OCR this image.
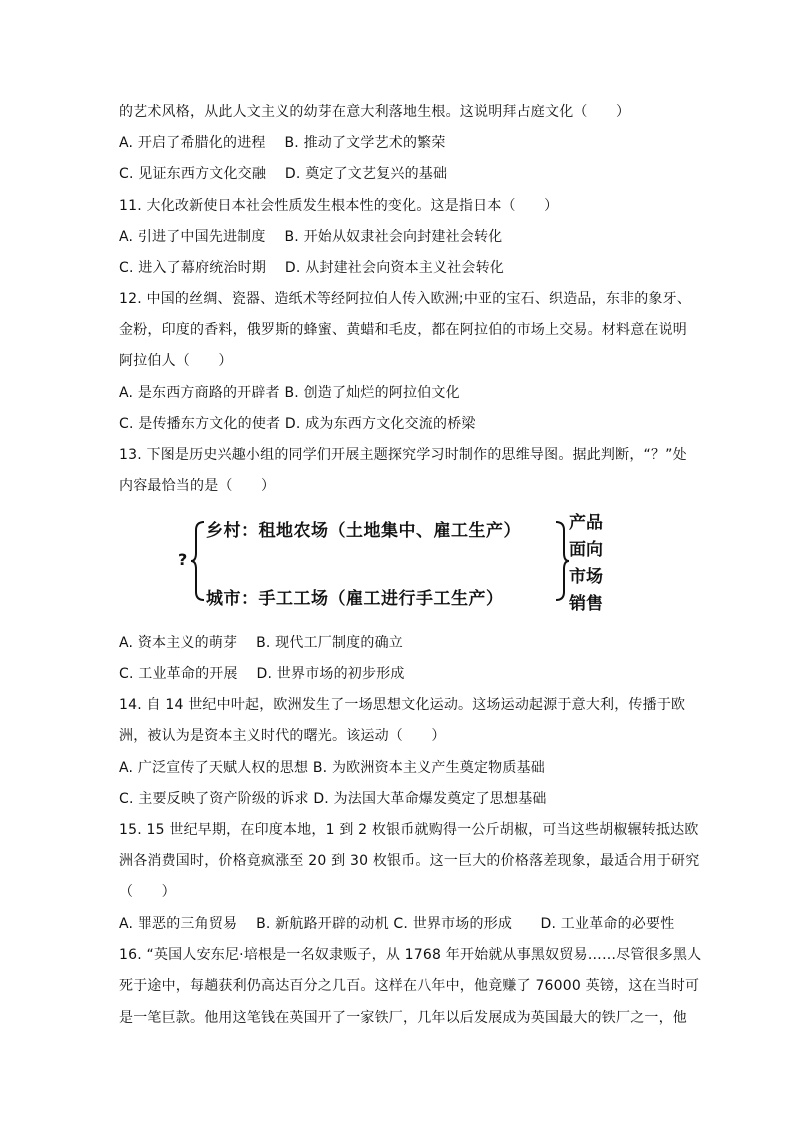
的艺术风格，从此人文主义的幼芽在意大利落地生根。这说明拜占庭文化（　　）

A. 开启了希腊化的进程　 B. 推动了文学艺术的繁荣

C. 见证东西方文化交融　 D. 奠定了文艺复兴的基础

11. 大化改新使日本社会性质发生根本性的变化。这是指日本（　　）

A. 引进了中国先进制度　 B. 开始从奴隶社会向封建社会转化

C. 进入了幕府统治时期　 D. 从封建社会向资本主义社会转化

12. 中国的丝绸、瓷器、造纸术等经阿拉伯人传入欧洲;中亚的宝石、织造品，东非的象牙、

金粉，印度的香料，俄罗斯的蜂蜜、黄蜡和毛皮，都在阿拉伯的市场上交易。材料意在说明

阿拉伯人（　　）

A. 是东西方商路的开辟者 B. 创造了灿烂的阿拉伯文化

C. 是传播东方文化的使者 D. 成为东西方文化交流的桥梁

13. 下图是历史兴趣小组的同学们开展主题探究学习时制作的思维导图。据此判断，“？”处

内容最恰当的是（　　）

?
乡村：租地农场（土地集中、雇工生产）
城市：手工工场（雇工进行手工生产）
产品
面向
市场
销售

A. 资本主义的萌芽　 B. 现代工厂制度的确立

C. 工业革命的开展　 D. 世界市场的初步形成

14. 自 14 世纪中叶起，欧洲发生了一场思想文化运动。这场运动起源于意大利，传播于欧

洲，被认为是资本主义时代的曙光。该运动（　　）

A. 广泛宣传了天赋人权的思想 B. 为欧洲资本主义产生奠定物质基础

C. 主要反映了资产阶级的诉求 D. 为法国大革命爆发奠定了思想基础

15. 15 世纪早期，在印度本地，1 到 2 枚银币就购得一公斤胡椒，可当这些胡椒辗转抵达欧

洲各消费国时，价格竟疯涨至 20 到 30 枚银币。这一巨大的价格落差现象，最适合用于研究

（　　）

A. 罪恶的三角贸易　 B. 新航路开辟的动机 C. 世界市场的形成　　D. 工业革命的必要性

16. “英国人安东尼·培根是一名奴隶贩子，从 1768 年开始就从事黑奴贸易……尽管很多黑人

死于途中，每趟获利仍高达百分之几百。这样在八年中，他竟赚了 76000 英镑，这在当时可

是一笔巨款。他用这笔钱在英国开了一家铁厂，几年以后发展成为英国最大的铁厂之一，他
